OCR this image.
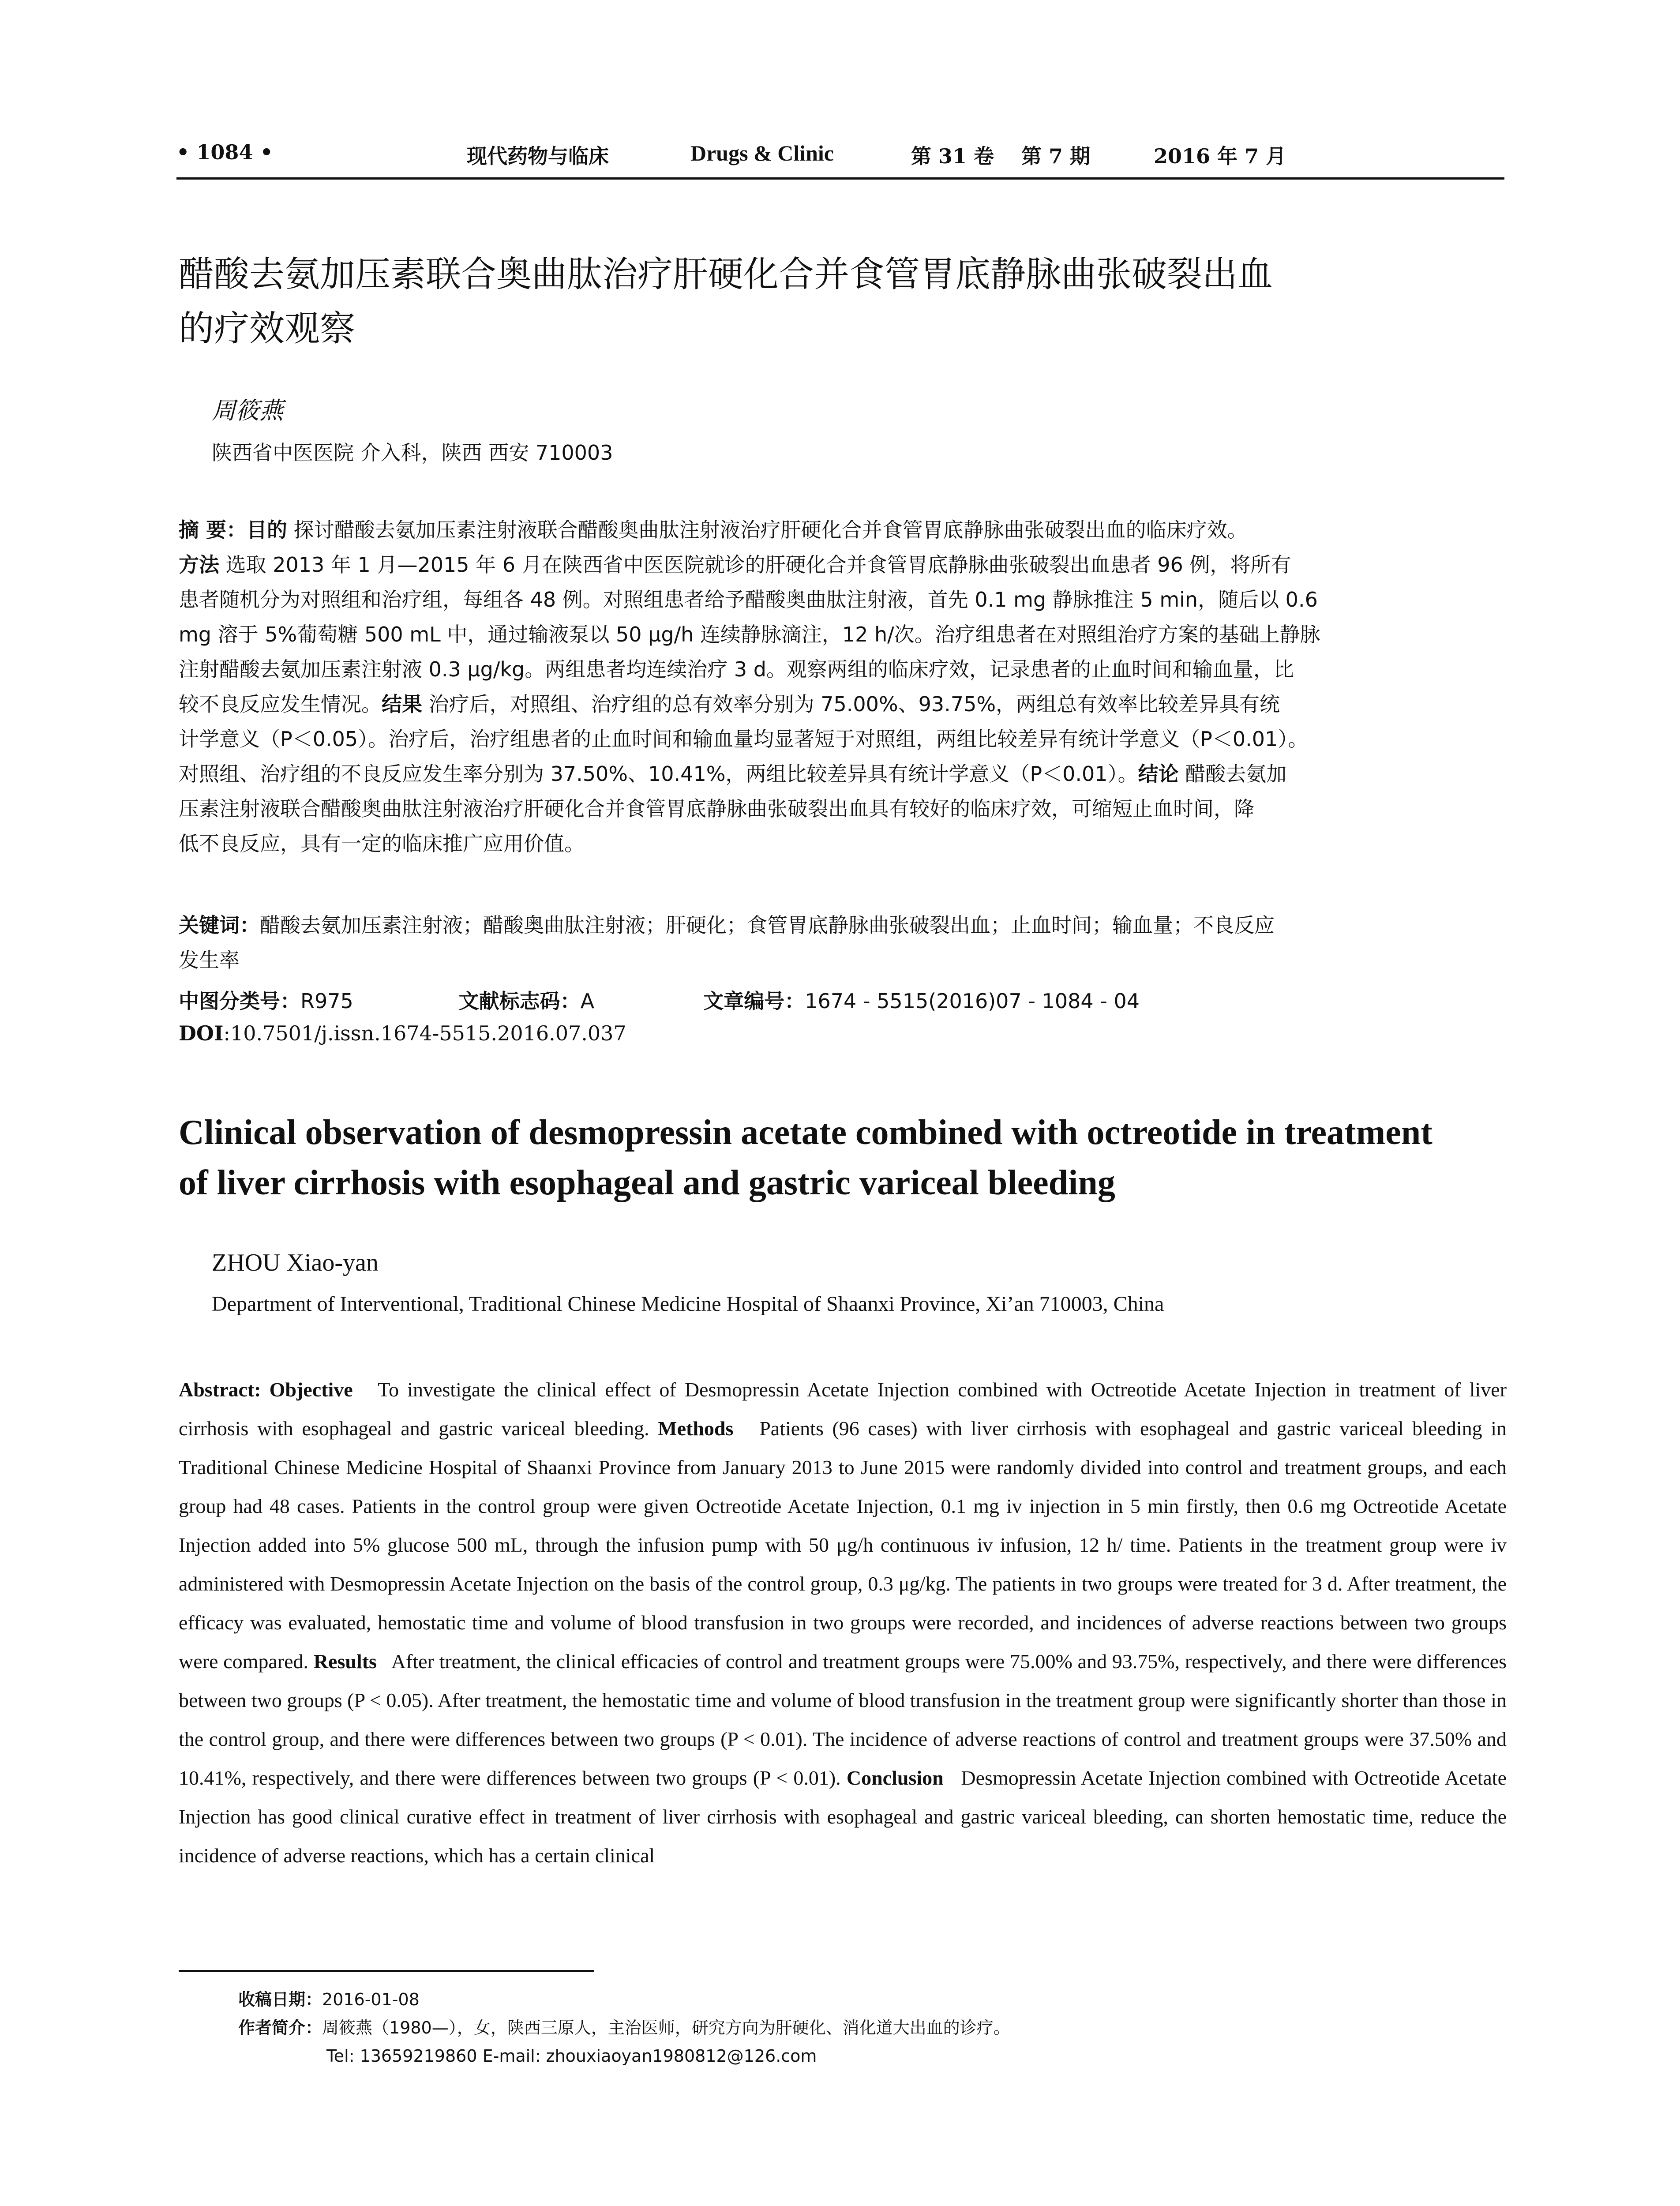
• 1084 •	现代药物与临床	Drugs & Clinic	第 31 卷 第 7 期	2016 年 7 月
醋酸去氨加压素联合奥曲肽治疗肝硬化合并食管胃底静脉曲张破裂出血
的疗效观察
周筱燕
陕西省中医医院 介入科，陕西 西安 710003
摘 要：目的 探讨醋酸去氨加压素注射液联合醋酸奥曲肽注射液治疗肝硬化合并食管胃底静脉曲张破裂出血的临床疗效。
方法 选取 2013 年 1 月—2015 年 6 月在陕西省中医医院就诊的肝硬化合并食管胃底静脉曲张破裂出血患者 96 例，将所有
患者随机分为对照组和治疗组，每组各 48 例。对照组患者给予醋酸奥曲肽注射液，首先 0.1 mg 静脉推注 5 min，随后以 0.6
mg 溶于 5%葡萄糖 500 mL 中，通过输液泵以 50 μg/h 连续静脉滴注，12 h/次。治疗组患者在对照组治疗方案的基础上静脉
注射醋酸去氨加压素注射液 0.3 μg/kg。两组患者均连续治疗 3 d。观察两组的临床疗效，记录患者的止血时间和输血量，比
较不良反应发生情况。结果 治疗后，对照组、治疗组的总有效率分别为 75.00%、93.75%，两组总有效率比较差异具有统
计学意义（P＜0.05）。治疗后，治疗组患者的止血时间和输血量均显著短于对照组，两组比较差异有统计学意义（P＜0.01）。
对照组、治疗组的不良反应发生率分别为 37.50%、10.41%，两组比较差异具有统计学意义（P＜0.01）。结论 醋酸去氨加
压素注射液联合醋酸奥曲肽注射液治疗肝硬化合并食管胃底静脉曲张破裂出血具有较好的临床疗效，可缩短止血时间，降
低不良反应，具有一定的临床推广应用价值。
关键词：醋酸去氨加压素注射液；醋酸奥曲肽注射液；肝硬化；食管胃底静脉曲张破裂出血；止血时间；输血量；不良反应
发生率
中图分类号：R975	文献标志码：A	文章编号：1674 - 5515(2016)07 - 1084 - 04
DOI:10.7501/j.issn.1674-5515.2016.07.037
Clinical observation of desmopressin acetate combined with octreotide in treatment
of liver cirrhosis with esophageal and gastric variceal bleeding
ZHOU Xiao-yan
Department of Interventional, Traditional Chinese Medicine Hospital of Shaanxi Province, Xi’an 710003, China
Abstract: Objective To investigate the clinical effect of Desmopressin Acetate Injection combined with Octreotide Acetate Injection in treatment of liver cirrhosis with esophageal and gastric variceal bleeding. Methods Patients (96 cases) with liver cirrhosis with esophageal and gastric variceal bleeding in Traditional Chinese Medicine Hospital of Shaanxi Province from January 2013 to June 2015 were randomly divided into control and treatment groups, and each group had 48 cases. Patients in the control group were given Octreotide Acetate Injection, 0.1 mg iv injection in 5 min firstly, then 0.6 mg Octreotide Acetate Injection added into 5% glucose 500 mL, through the infusion pump with 50 μg/h continuous iv infusion, 12 h/ time. Patients in the treatment group were iv administered with Desmopressin Acetate Injection on the basis of the control group, 0.3 μg/kg. The patients in two groups were treated for 3 d. After treatment, the efficacy was evaluated, hemostatic time and volume of blood transfusion in two groups were recorded, and incidences of adverse reactions between two groups were compared. Results After treatment, the clinical efficacies of control and treatment groups were 75.00% and 93.75%, respectively, and there were differences between two groups (P < 0.05). After treatment, the hemostatic time and volume of blood transfusion in the treatment group were significantly shorter than those in the control group, and there were differences between two groups (P < 0.01). The incidence of adverse reactions of control and treatment groups were 37.50% and 10.41%, respectively, and there were differences between two groups (P < 0.01). Conclusion Desmopressin Acetate Injection combined with Octreotide Acetate Injection has good clinical curative effect in treatment of liver cirrhosis with esophageal and gastric variceal bleeding, can shorten hemostatic time, reduce the incidence of adverse reactions, which has a certain clinical
收稿日期：2016-01-08
作者简介：周筱燕（1980—），女，陕西三原人，主治医师，研究方向为肝硬化、消化道大出血的诊疗。
Tel: 13659219860 E-mail: zhouxiaoyan1980812@126.com
